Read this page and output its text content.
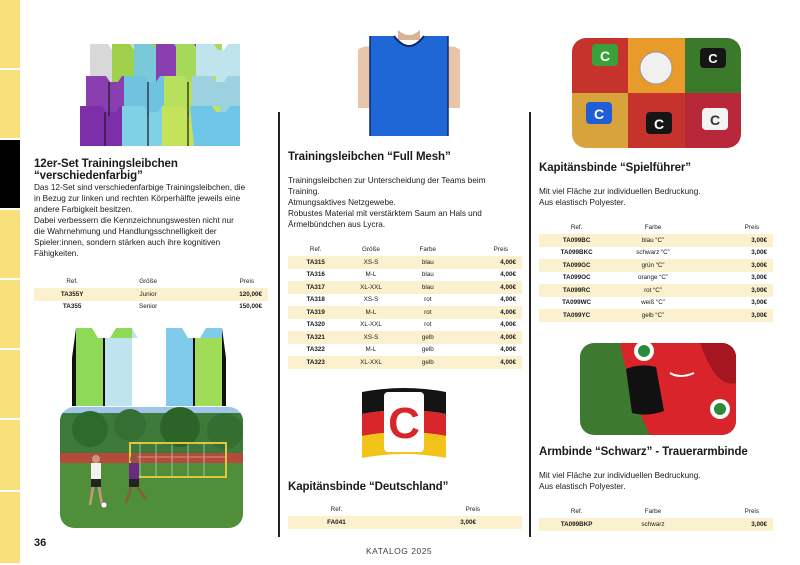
12er-Set Trainingsleibchen “verschiedenfarbig”
Das 12-Set sind verschiedenfarbige Trainingsleibchen, die
in Bezug zur linken und rechten Körperhälfte jeweils eine
andere Farbigkeit besitzen.
Dabei verbessern die Kennzeichnungswesten nicht nur
die Wahrnehmung und Handlungsschnelligkeit der
Spieler:innen, sondern stärken auch ihre kognitiven
Fähigkeiten.
Ref.	Größe	Preis
TA355Y	Junior	120,00€
TA355	Senior	150,00€
Trainingsleibchen “Full Mesh”
Trainingsleibchen zur Unterscheidung der Teams beim
Training.
Atmungsaktives Netzgewebe.
Robustes Material mit verstärktem Saum an Hals und
Ärmelbündchen aus Lycra.
Ref.	Größe	Farbe	Preis
TA315	XS-S	blau	4,00€
TA316	M-L	blau	4,00€
TA317	XL-XXL	blau	4,00€
TA318	XS-S	rot	4,00€
TA319	M-L	rot	4,00€
TA320	XL-XXL	rot	4,00€
TA321	XS-S	gelb	4,00€
TA322	M-L	gelb	4,00€
TA323	XL-XXL	gelb	4,00€
C
Kapitänsbinde “Deutschland”
Ref.	Preis
FA041	3,00€
C	C
C
C	C
Kapitänsbinde “Spielführer”
Mit viel Fläche zur individuellen Bedruckung.
Aus elastisch Polyester.
Ref.	Farbe	Preis
TA099BC	blau “C”	3,00€
TA099BKC	schwarz “C”	3,00€
TA099GC	grün “C”	3,00€
TA099OC	orange “C”	3,00€
TA099RC	rot “C”	3,00€
TA099WC	weiß “C”	3,00€
TA099YC	gelb “C”	3,00€
Armbinde “Schwarz” - Trauerarmbinde
Mit viel Fläche zur individuellen Bedruckung.
Aus elastisch Polyester.
Ref.	Farbe	Preis
TA099BKP	schwarz	3,00€
36
KATALOG 2025
